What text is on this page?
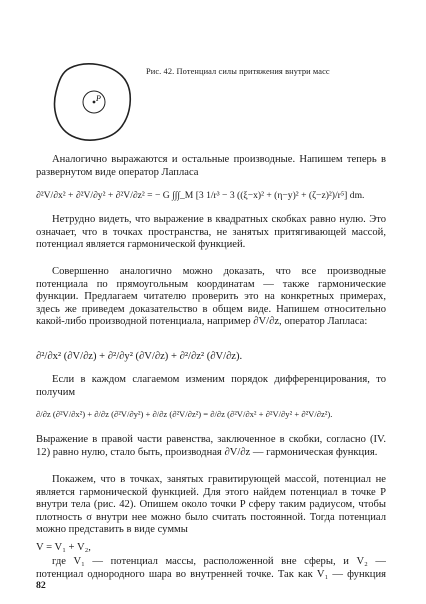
P
Рис. 42. Потенциал силы притяжения внутри масс
Аналогично выражаются и остальные производные. Напишем теперь в развернутом виде оператор Лапласа
∂²V/∂x² + ∂²V/∂y² + ∂²V/∂z² = − G ∫∫∫_M [3 1/r³ − 3 ((ξ−x)² + (η−y)² + (ζ−z)²)/r⁵] dm.
Нетрудно видеть, что выражение в квадратных скобках равно нулю. Это означает, что в точках пространства, не занятых притягивающей массой, потенциал является гармонической функцией.
Совершенно аналогично можно доказать, что все производные потенциала по прямоугольным координатам — также гармонические функции. Предлагаем читателю проверить это на конкретных примерах, здесь же приведем доказательство в общем виде. Напишем относительно какой-либо производной потенциала, например ∂V/∂z, оператор Лапласа:
∂²/∂x² (∂V/∂z) + ∂²/∂y² (∂V/∂z) + ∂²/∂z² (∂V/∂z).
Если в каждом слагаемом изменим порядок дифференцирования, то получим
∂/∂z (∂²V/∂x²) + ∂/∂z (∂²V/∂y²) + ∂/∂z (∂²V/∂z²) = ∂/∂z (∂²V/∂x² + ∂²V/∂y² + ∂²V/∂z²).
Выражение в правой части равенства, заключенное в скобки, согласно (IV. 12) равно нулю, стало быть, производная ∂V/∂z — гармоническая функция.
Покажем, что в точках, занятых гравитирующей массой, потенциал не является гармонической функцией. Для этого найдем потенциал в точке P внутри тела (рис. 42). Опишем около точки P сферу таким радиусом, чтобы плотность σ внутри нее можно было считать постоянной. Тогда потенциал можно представить в виде суммы
V = V₁ + V₂,
где V₁ — потенциал массы, расположенной вне сферы, и V₂ — потенциал однородного шара во внутренней точке. Так как V₁ — функция
82
